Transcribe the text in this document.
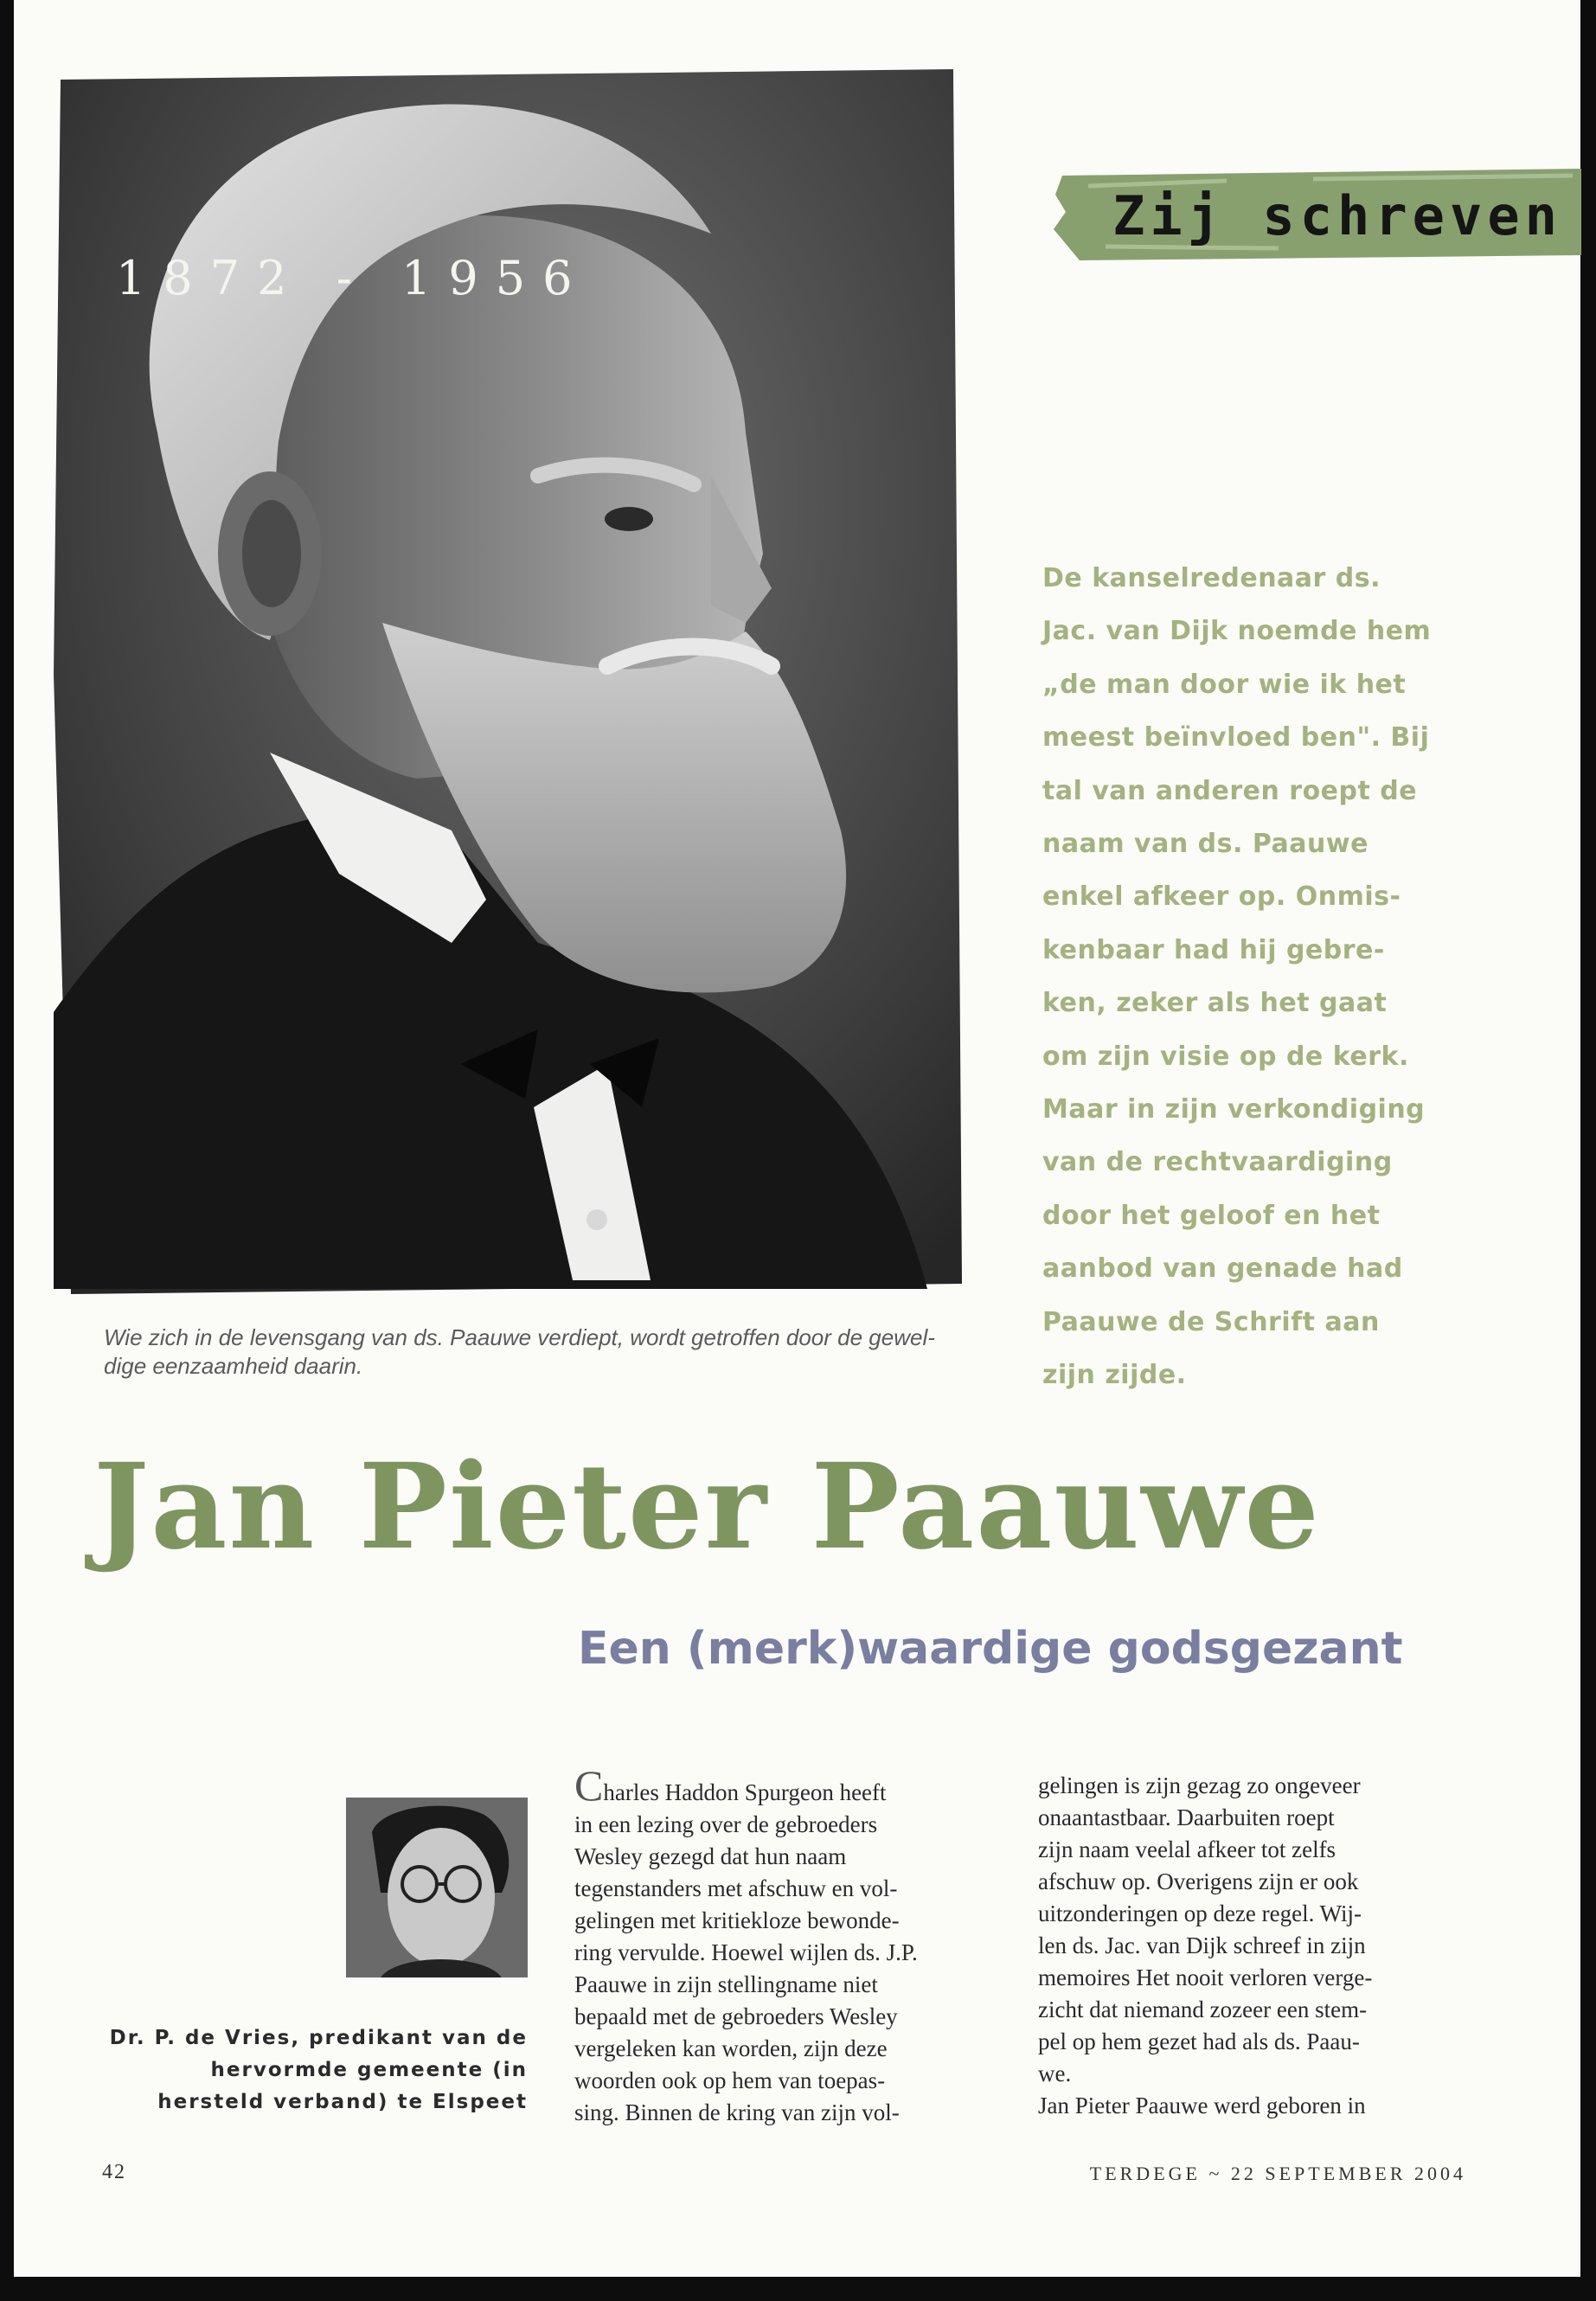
1872 - 1956
Zij schreven
De kanselredenaar ds.
Jac. van Dijk noemde hem
„de man door wie ik het
meest beïnvloed ben". Bij
tal van anderen roept de
naam van ds. Paauwe
enkel afkeer op. Onmis-
kenbaar had hij gebre-
ken, zeker als het gaat
om zijn visie op de kerk.
Maar in zijn verkondiging
van de rechtvaardiging
door het geloof en het
aanbod van genade had
Paauwe de Schrift aan
zijn zijde.
Wie zich in de levensgang van ds. Paauwe verdiept, wordt getroffen door de gewel-dige eenzaamheid daarin.
Jan Pieter Paauwe
Een (merk)waardige godsgezant
Dr. P. de Vries, predikant van de hervormde gemeente (in hersteld verband) te Elspeet
Charles Haddon Spurgeon heeft
in een lezing over de gebroeders
Wesley gezegd dat hun naam
tegenstanders met afschuw en vol-
gelingen met kritiekloze bewonde-
ring vervulde. Hoewel wijlen ds. J.P.
Paauwe in zijn stellingname niet
bepaald met de gebroeders Wesley
vergeleken kan worden, zijn deze
woorden ook op hem van toepas-
sing. Binnen de kring van zijn vol-
gelingen is zijn gezag zo ongeveer
onaantastbaar. Daarbuiten roept
zijn naam veelal afkeer tot zelfs
afschuw op. Overigens zijn er ook
uitzonderingen op deze regel. Wij-
len ds. Jac. van Dijk schreef in zijn
memoires Het nooit verloren verge-
zicht dat niemand zozeer een stem-
pel op hem gezet had als ds. Paau-
we.
Jan Pieter Paauwe werd geboren in
42	TERDEGE ~ 22 SEPTEMBER 2004
